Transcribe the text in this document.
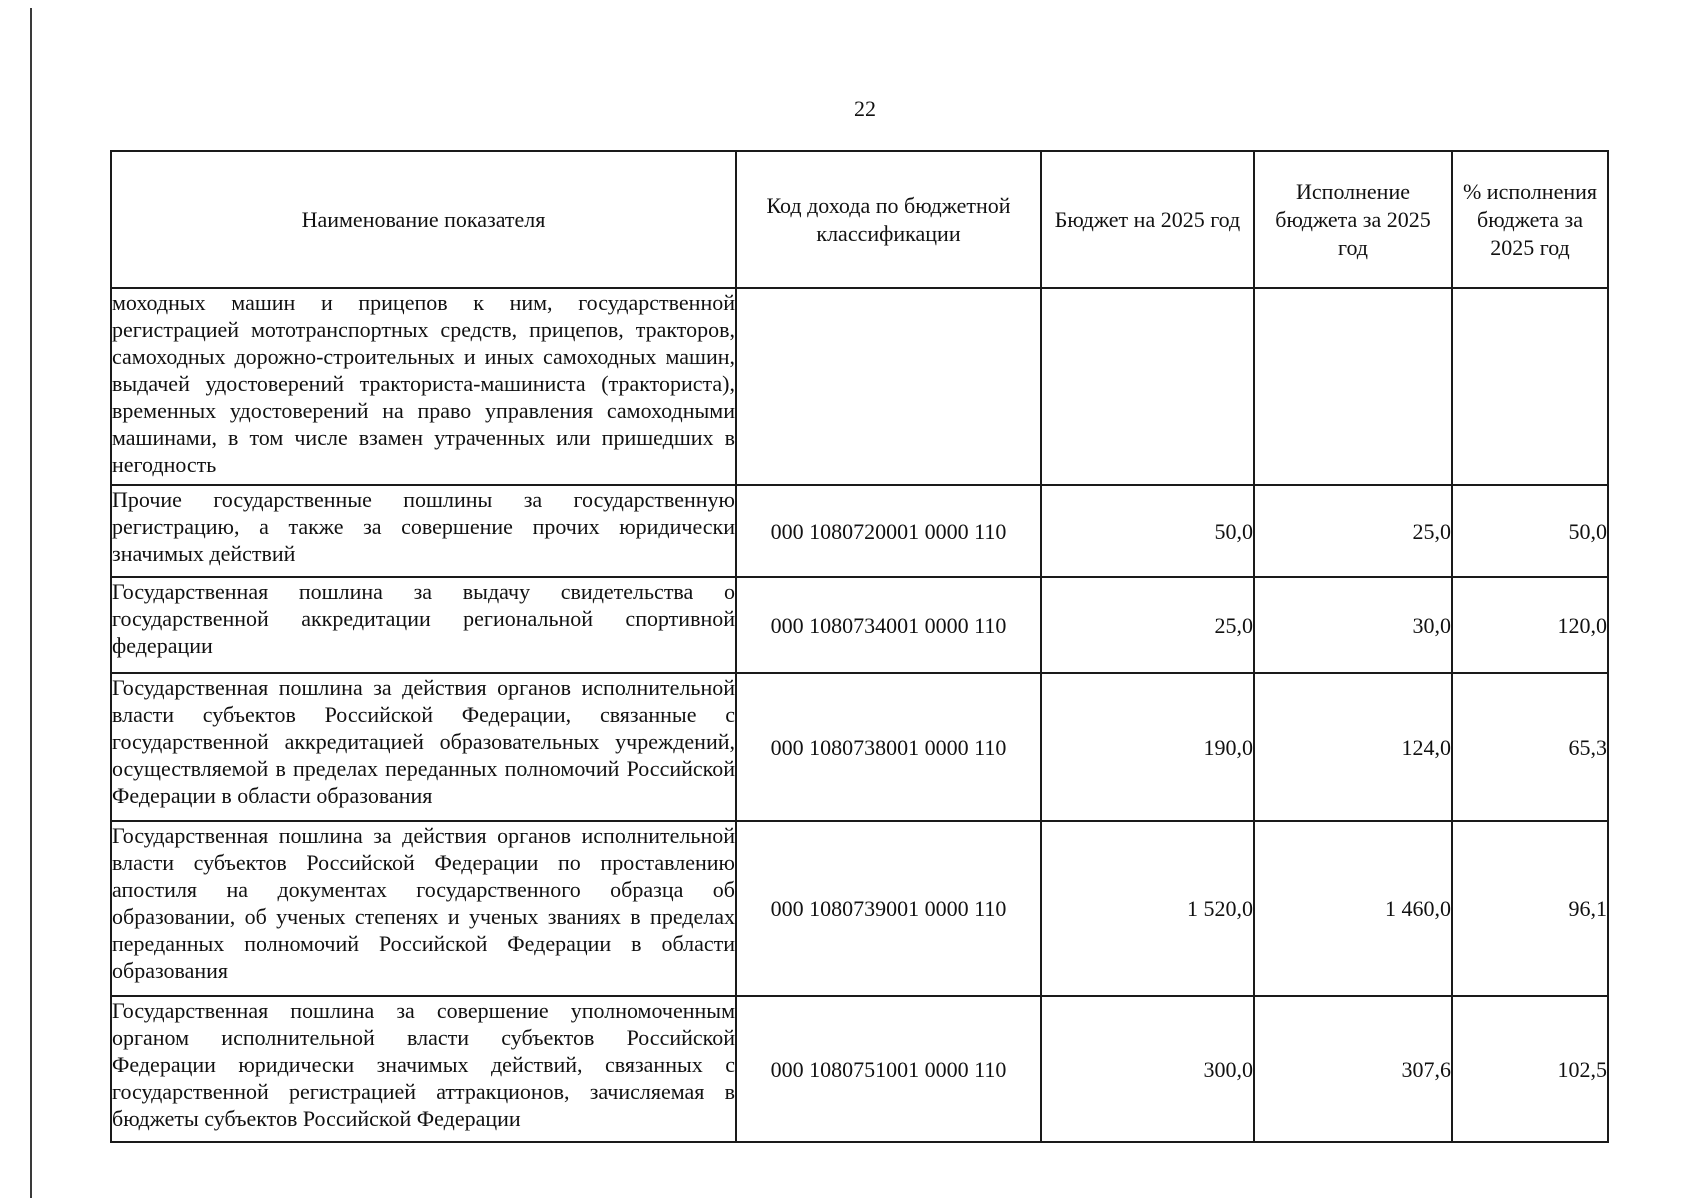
22
Наименование показателя	Код дохода по бюджетной классификации	Бюджет на 2025 год	Исполнение бюджета за 2025 год	% исполнения бюджета за 2025 год
моходных машин и прицепов к ним, государственной регистрацией мототранспортных средств, прицепов, тракторов, самоходных дорожно-строительных и иных самоходных машин, выдачей удостоверений тракториста-машиниста (тракториста), временных удостоверений на право управления самоходными машинами, в том числе взамен утраченных или пришедших в негодность				
Прочие государственные пошлины за государственную регистрацию, а также за совершение прочих юридически значимых действий	000 1080720001 0000 110	50,0	25,0	50,0
Государственная пошлина за выдачу свидетельства о государственной аккредитации региональной спортивной федерации	000 1080734001 0000 110	25,0	30,0	120,0
Государственная пошлина за действия органов исполнительной власти субъектов Российской Федерации, связанные с государственной аккредитацией образовательных учреждений, осуществляемой в пределах переданных полномочий Российской Федерации в области образования	000 1080738001 0000 110	190,0	124,0	65,3
Государственная пошлина за действия органов исполнительной власти субъектов Российской Федерации по проставлению апостиля на документах государственного образца об образовании, об ученых степенях и ученых званиях в пределах переданных полномочий Российской Федерации в области образования	000 1080739001 0000 110	1 520,0	1 460,0	96,1
Государственная пошлина за совершение уполномоченным органом исполнительной власти субъектов Российской Федерации юридически значимых действий, связанных с государственной регистрацией аттракционов, зачисляемая в бюджеты субъектов Российской Федерации	000 1080751001 0000 110	300,0	307,6	102,5
